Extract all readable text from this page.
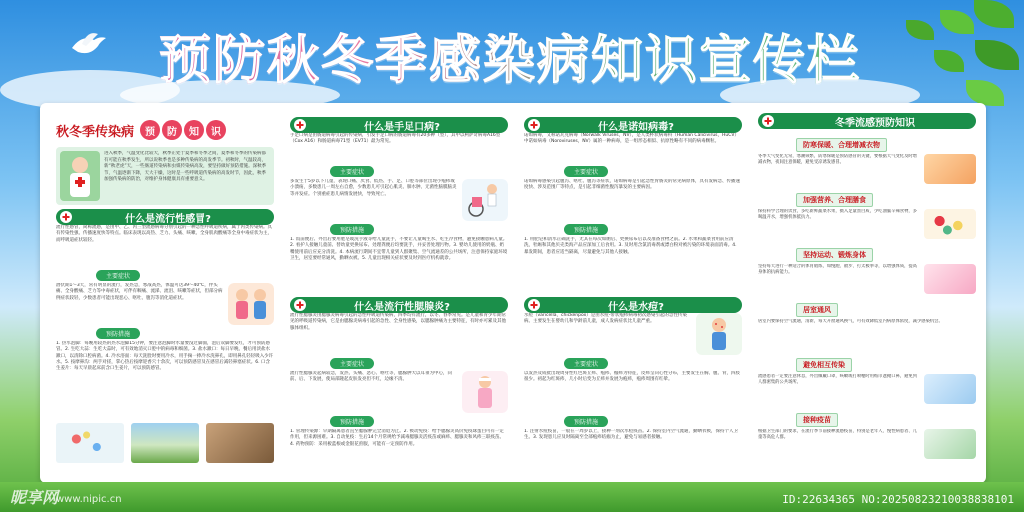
预防秋冬季感染病知识宣传栏
秋冬季传染病	预	防	知	识
进入秋季，气温变化比较大，秋季正处于夏季和冬季之间，夏季和冬季的传染病都有可能在秋季发生，所以说秋季也是多种传染病的高发季节。初秋时，气温较高，新“秋老虎”天，一些肠道传染病和虫媒传染病高发，要坚持做好预防措施。深秋季节，气温逐渐下降，天大干燥，这时是一些呼吸道传染病的高发时节，因此，秋季加强传染病的防治，对维护身体健康具有重要意义。
什么是流行性感冒?
流行性感冒，简称流感，是由甲、乙、丙三型流感病毒分别引起的一种急性呼吸道疾病，属于丙类传染病。具有传染性强、传播速度快等特点。临床表现以高热、乏力、头痛、咳嗽、全身肌肉酸痛等全身中毒症状为主，而呼吸道症状较轻。
主要症状
潜伏期1～3天，常有明显的流行，发热急，寒战高热，体温可达39～40℃，伴头痛、全身酸痛、乏力等中毒症状，可伴有咽痛、流涕、流泪、咳嗽等症状，但部分病例症状较轻，少数患者可能出现恶心、呕吐、腹泻等消化道症状。
预防措施
1. 热水泡脚：每晚用较热的热水泡脚15分钟，要注意泡脚时水量要没过脚面，泡后双脚要发红，才可预防感冒。2. 生吃大蒜：生吃大蒜时，可有效地消灭口腔中的病毒和细菌。3. 盐水漱口：每日早晚、餐后用淡盐水漱口，以清除口腔病菌。4. 冷水浴面：每天洗脸时要用冷水，用手掬一捧冷水洗鼻孔，即用鼻孔轻轻吸入少许水。5. 按摩鼻沟：两手对搓，掌心热后按摩迎香穴十余次，可以预防感冒及在感冒后减轻鼻塞症状。6. 口含生姜片：每天早晨起床前含口生姜片，可以预防感冒。
什么是手足口病?
手足口病是由肠道病毒引起的传染病，引发手足口病的肠道病毒有20多种（型），其中以柯萨奇病毒A16型（Cox A16）和肠道病毒71型（EV71）最为常见。
主要症状
多发生于5岁以下儿童，表现口痛、厌食、低热、手、足、口腔等部位出现小疱疹或小溃疡，多数患儿一周左右自愈，少数患儿可引起心肌炎、肺水肿、无菌性脑膜脑炎等并发症。个别重症患儿病情发展快，导致死亡。
预防措施
1. 饭前便后、外出后要用肥皂或洗手液等给儿童洗手，不要让儿童喝生水、吃生冷食物，避免接触患病儿童。2. 看护人接触儿童前、替幼童更换尿布、处理粪便后均要洗手，并妥善处理污物。3. 婴幼儿使用的奶瓶、奶嘴使用前后应充分清洗。4. 本病流行期间不宜带儿童到人群聚集、空气流通差的公共场所，注意保持家庭环境卫生，居室要经常通风，勤晒衣被。5. 儿童出现相关症状要及时到医疗机构就诊。
什么是流行性腮腺炎?
流行性腮腺炎由腮腺炎病毒引起的急性呼吸道传染病，四季均有流行，以冬、春季常见。是儿童和青少年期常见的呼吸道传染病，它是由腮腺炎病毒引起的急性、全身性感染，以腮腺肿痛为主要特征，有时亦可累及其他腺体组织。
主要症状
流行性腮腺炎起病较急，发热、头痛、恶心、呕吐等，腮腺肿大以耳垂为中心，向前、后、下发展，使局部隆起皮肤发亮但不红，边缘不清。
预防措施
1. 管理传染源：早期隔离患者直至腮腺肿完全消退为止。2. 被动免疫：给予腮腺炎高价免疫球蛋白可有一定作用，但来源困难。3. 自动免疫：生后14个月常规给予减毒腮腺炎活疫苗或麻疹、腮腺炎和风疹三联疫苗。4. 药物预防：采用板蓝根或金银花煎服，可能有一定预防作用。
什么是诺如病毒?
诺如病毒，又称诺瓦克病毒（Norwalk Viruses，NV），是人类杯状病毒科（Human Calicivirus，HuCV）中诺如病毒（Noroviruses，NV）属的一种病毒，是一组形态相似、抗原性略有不同的病毒颗粒。
主要症状
诺如病毒感染引起腹泻、呕吐、腹泻等症状，诺如病毒是引起急性胃肠炎的常见病原体，具有发病急、传播速度快、涉及范围广等特点，是引起非细菌性腹泻暴发的主要病因。
预防措施
1. 用肥皂和清水正确洗手，尤其在每次如厕后、更换尿布后以及准备食物之前。2. 水果和蔬菜食用前应清洗，牡蛎和其他贝壳类海产品应深加工后食用。3. 及时用含氯消毒剂或漂白粉对被污染的环境表面消毒。4. 暴发期间，患者应适当隔离，尽量避免与其他人接触。
什么是水痘?
水痘（varicella，chickenpox）是由水痘-带状疱疹病毒初次感染引起的急性传染病。主要发生在婴幼儿和学龄前儿童，成人发病症状比儿童严重。
主要症状
以发热及成批出现周身性红色斑丘疹、疱疹、痂疹为特征，皮疹呈向心性分布，主要发生在胸、腹、背，四肢很少。初起为红斑疹，几小时后变为丘疹并发展为疱疹，疱疹周围有红晕。
预防措施
1. 注射水痘疫苗，一般在一周岁以上，接种一剂次水痘疫苗。2. 保持室内空气流通，勤晒衣被，保持个人卫生。3. 发现患儿应及时隔离至全部疱疹结痂为止，避免与易感者接触。
冬季流感预防知识
防寒保暖、合理增减衣物
冬季天气变化无常，寒潮频繁，防寒保暖是预防感冒的关键，要根据天气变化及时增减衣物，夜间注意保暖，避免受凉诱发感冒。
加强营养、合理膳食
保持科学合理的饮食，多吃新鲜蔬菜水果，摄入足量蛋白质，少吃油腻辛辣食物，多喝温开水，增强机体抵抗力。
坚持运动、锻炼身体
坚持每天进行一种适合的体育锻炼，如慢跑、散步、打太极拳等，以增强体质，提高身体的抗病能力。
居室通风
居室内要保持空气流通，清新，每天开窗通风换气，可有效降低室内病原体浓度，减少感染机会。
避免相互传染
流感患者一定要注意休息，外出佩戴口罩，咳嗽或打喷嚏时用纸巾遮掩口鼻，避免到人群密集的公共场所。
接种疫苗
根据卫生部门的要求，在流行季节前接种流感疫苗，特别是老年人、慢性病患者、儿童等高危人群。
昵享网
www.nipic.cn	ID:22634365 NO:20250823210038838101
